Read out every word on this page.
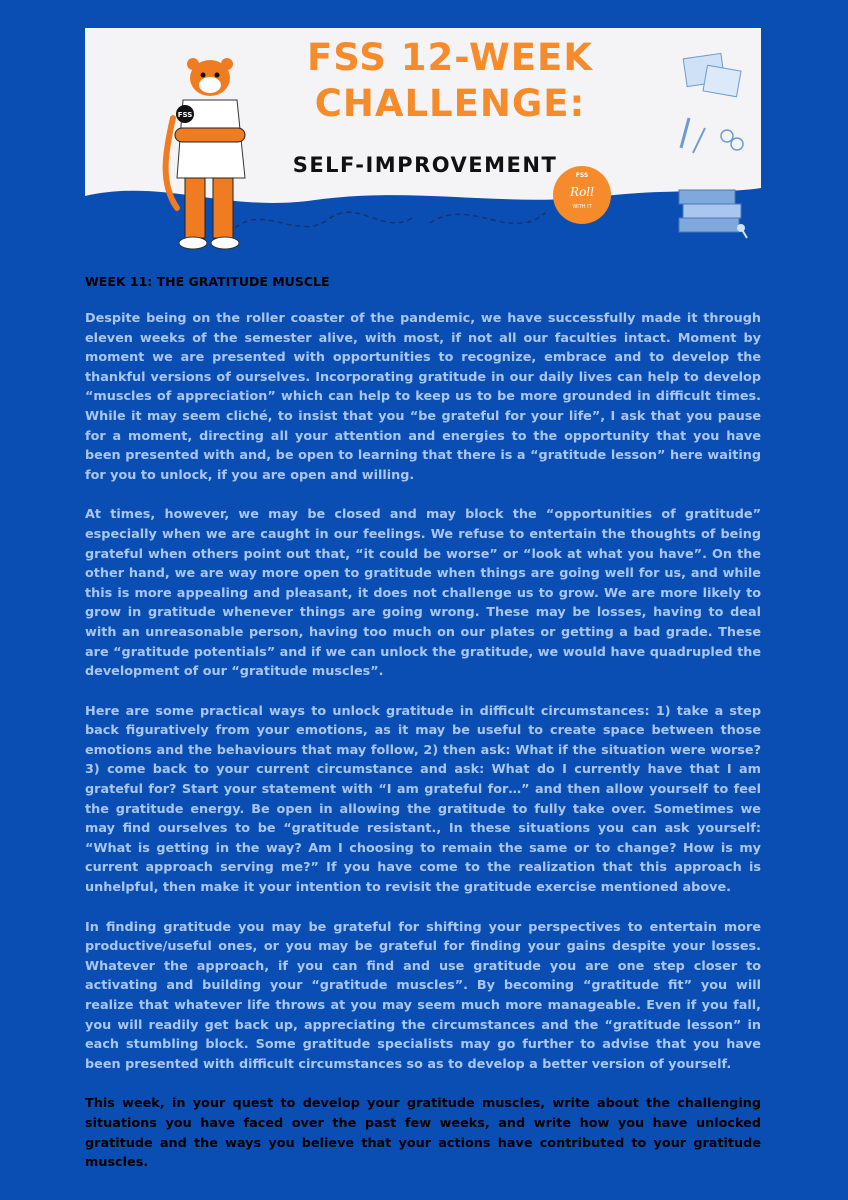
FSS
FSS 12-WEEK
CHALLENGE:
SELF-IMPROVEMENT	FSS
Roll
WITH IT
WEEK 11: THE GRATITUDE MUSCLE

Despite being on the roller coaster of the pandemic, we have successfully made it through eleven weeks of the semester alive, with most, if not all our faculties intact. Moment by moment we are presented with opportunities to recognize, embrace and to develop the thankful versions of ourselves. Incorporating gratitude in our daily lives can help to develop “muscles of appreciation” which can help to keep us to be more grounded in difficult times. While it may seem cliché, to insist that you “be grateful for your life”, I ask that you pause for a moment, directing all your attention and energies to the opportunity that you have been presented with and, be open to learning that there is a “gratitude lesson” here waiting for you to unlock, if you are open and willing.

At times, however, we may be closed and may block the “opportunities of gratitude” especially when we are caught in our feelings. We refuse to entertain the thoughts of being grateful when others point out that, “it could be worse” or “look at what you have”. On the other hand, we are way more open to gratitude when things are going well for us, and while this is more appealing and pleasant, it does not challenge us to grow. We are more likely to grow in gratitude whenever things are going wrong. These may be losses, having to deal with an unreasonable person, having too much on our plates or getting a bad grade. These are “gratitude potentials” and if we can unlock the gratitude, we would have quadrupled the development of our “gratitude muscles”.

Here are some practical ways to unlock gratitude in difficult circumstances: 1) take a step back figuratively from your emotions, as it may be useful to create space between those emotions and the behaviours that may follow, 2) then ask: What if the situation were worse? 3) come back to your current circumstance and ask: What do I currently have that I am grateful for? Start your statement with “I am grateful for…” and then allow yourself to feel the gratitude energy. Be open in allowing the gratitude to fully take over. Sometimes we may find ourselves to be “gratitude resistant., In these situations you can ask yourself: “What is getting in the way? Am I choosing to remain the same or to change? How is my current approach serving me?” If you have come to the realization that this approach is unhelpful, then make it your intention to revisit the gratitude exercise mentioned above.

In finding gratitude you may be grateful for shifting your perspectives to entertain more productive/useful ones, or you may be grateful for finding your gains despite your losses. Whatever the approach, if you can find and use gratitude you are one step closer to activating and building your “gratitude muscles”. By becoming “gratitude fit” you will realize that whatever life throws at you may seem much more manageable. Even if you fall, you will readily get back up, appreciating the circumstances and the “gratitude lesson” in each stumbling block. Some gratitude specialists may go further to advise that you have been presented with difficult circumstances so as to develop a better version of yourself.

This week, in your quest to develop your gratitude muscles, write about the challenging situations you have faced over the past few weeks, and write how you have unlocked gratitude and the ways you believe that your actions have contributed to your gratitude muscles.
